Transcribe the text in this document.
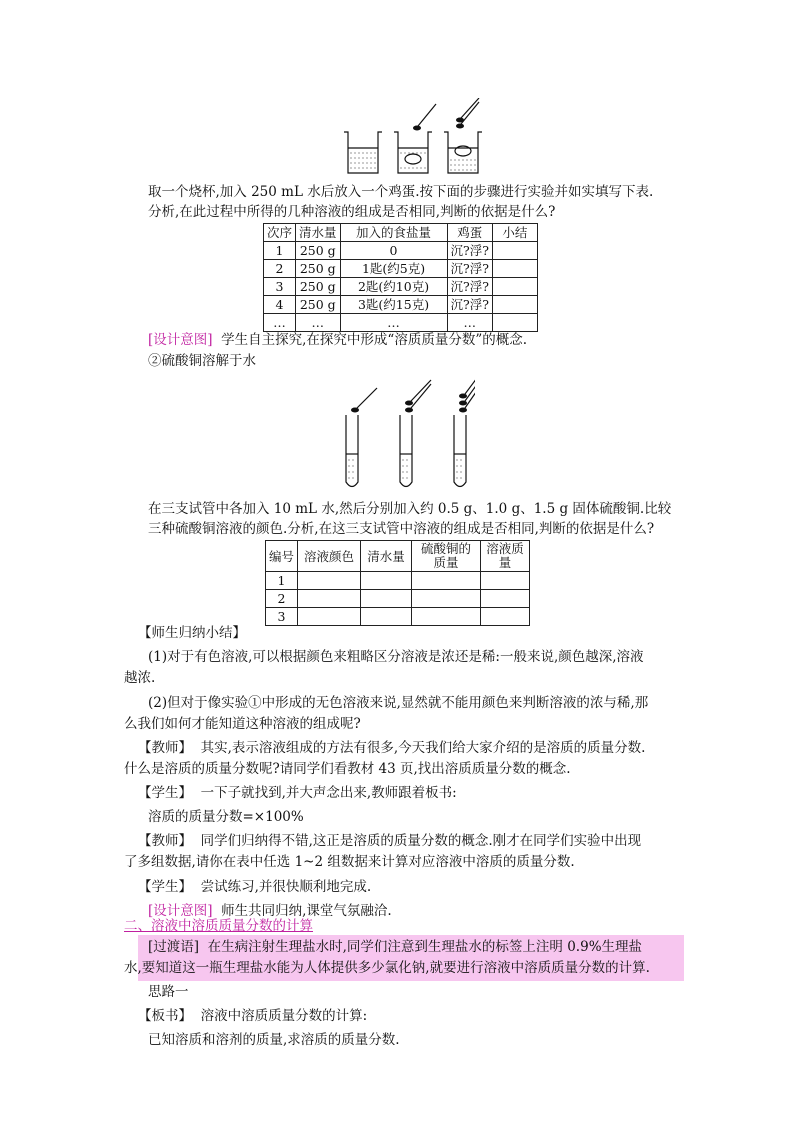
取一个烧杯,加入 250 mL 水后放入一个鸡蛋.按下面的步骤进行实验并如实填写下表.
分析,在此过程中所得的几种溶液的组成是否相同,判断的依据是什么?
次序	清水量	加入的食盐量	鸡蛋	小结
1	250 g	0	沉?浮?	
2	250 g	1匙(约5克)	沉?浮?	
3	250 g	2匙(约10克)	沉?浮?	
4	250 g	3匙(约15克)	沉?浮?	
…	…	…	…	
[设计意图] 学生自主探究,在探究中形成“溶质质量分数”的概念.
②硫酸铜溶解于水
在三支试管中各加入 10 mL 水,然后分别加入约 0.5 g、1.0 g、1.5 g 固体硫酸铜.比较
三种硫酸铜溶液的颜色.分析,在这三支试管中溶液的组成是否相同,判断的依据是什么?
编号	溶液颜色	清水量	硫酸铜的质量	溶液质量
1				
2				
3				
【师生归纳小结】
(1)对于有色溶液,可以根据颜色来粗略区分溶液是浓还是稀:一般来说,颜色越深,溶液
越浓.
(2)但对于像实验①中形成的无色溶液来说,显然就不能用颜色来判断溶液的浓与稀,那
么我们如何才能知道这种溶液的组成呢?
【教师】 其实,表示溶液组成的方法有很多,今天我们给大家介绍的是溶质的质量分数.
什么是溶质的质量分数呢?请同学们看教材 43 页,找出溶质质量分数的概念.
【学生】 一下子就找到,并大声念出来,教师跟着板书:
溶质的质量分数=×100%
【教师】 同学们归纳得不错,这正是溶质的质量分数的概念.刚才在同学们实验中出现
了多组数据,请你在表中任选 1~2 组数据来计算对应溶液中溶质的质量分数.
【学生】 尝试练习,并很快顺利地完成.
[设计意图] 师生共同归纳,课堂气氛融洽.
二、溶液中溶质质量分数的计算
[过渡语] 在生病注射生理盐水时,同学们注意到生理盐水的标签上注明 0.9%生理盐
水,要知道这一瓶生理盐水能为人体提供多少氯化钠,就要进行溶液中溶质质量分数的计算.
思路一
【板书】 溶液中溶质质量分数的计算:
已知溶质和溶剂的质量,求溶质的质量分数.
